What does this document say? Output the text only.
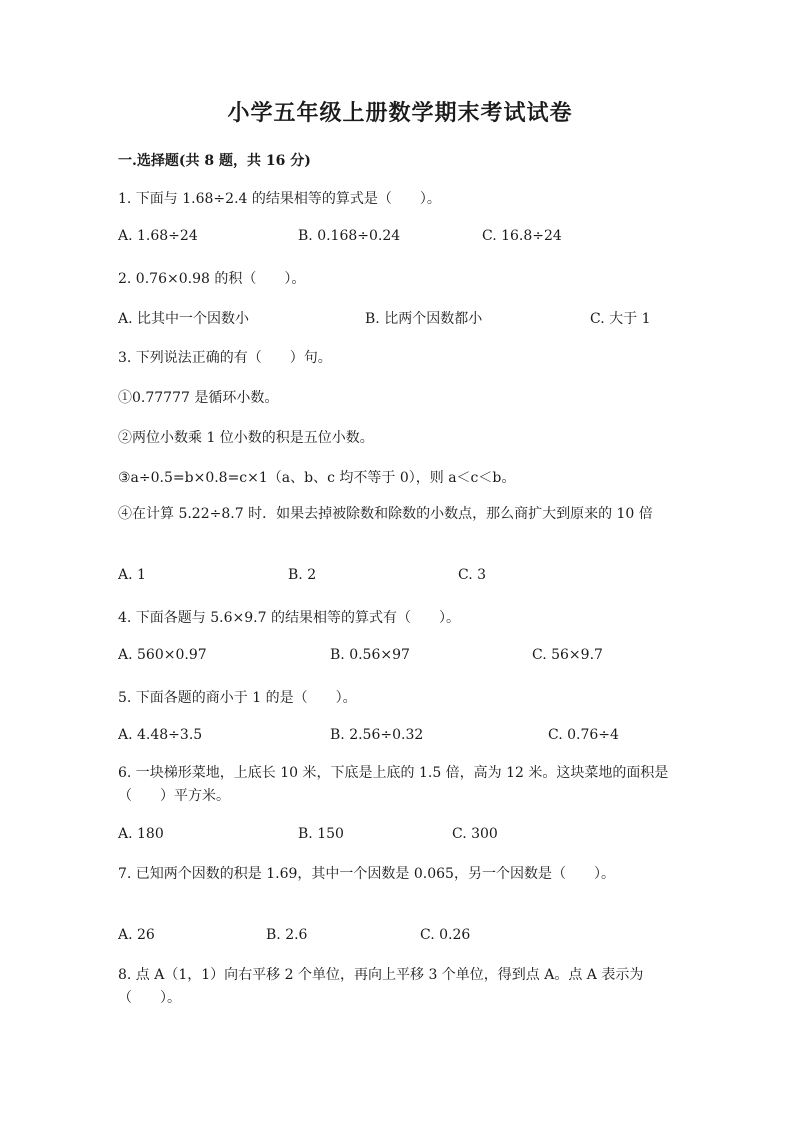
小学五年级上册数学期末考试试卷
一.选择题(共 8 题，共 16 分)
1. 下面与 1.68÷2.4 的结果相等的算式是（　　）。
A. 1.68÷24	B. 0.168÷0.24	C. 16.8÷24
2. 0.76×0.98 的积（　　）。
A. 比其中一个因数小	B. 比两个因数都小	C. 大于 1
3. 下列说法正确的有（　　）句。
①0.77777 是循环小数。
②两位小数乘 1 位小数的积是五位小数。
③a÷0.5=b×0.8=c×1（a、b、c 均不等于 0），则 a＜c＜b。
④在计算 5.22÷8.7 时．如果去掉被除数和除数的小数点，那么商扩大到原来的 10 倍
A. 1	B. 2	C. 3
4. 下面各题与 5.6×9.7 的结果相等的算式有（　　）。
A. 560×0.97	B. 0.56×97	C. 56×9.7
5. 下面各题的商小于 1 的是（　　）。
A. 4.48÷3.5	B. 2.56÷0.32	C. 0.76÷4
6. 一块梯形菜地，上底长 10 米，下底是上底的 1.5 倍，高为 12 米。这块菜地的面积是（　　）平方米。
A. 180	B. 150	C. 300
7. 已知两个因数的积是 1.69，其中一个因数是 0.065，另一个因数是（　　）。
A. 26	B. 2.6	C. 0.26
8. 点 A（1，1）向右平移 2 个单位，再向上平移 3 个单位，得到点 A。点 A 表示为（　　）。
